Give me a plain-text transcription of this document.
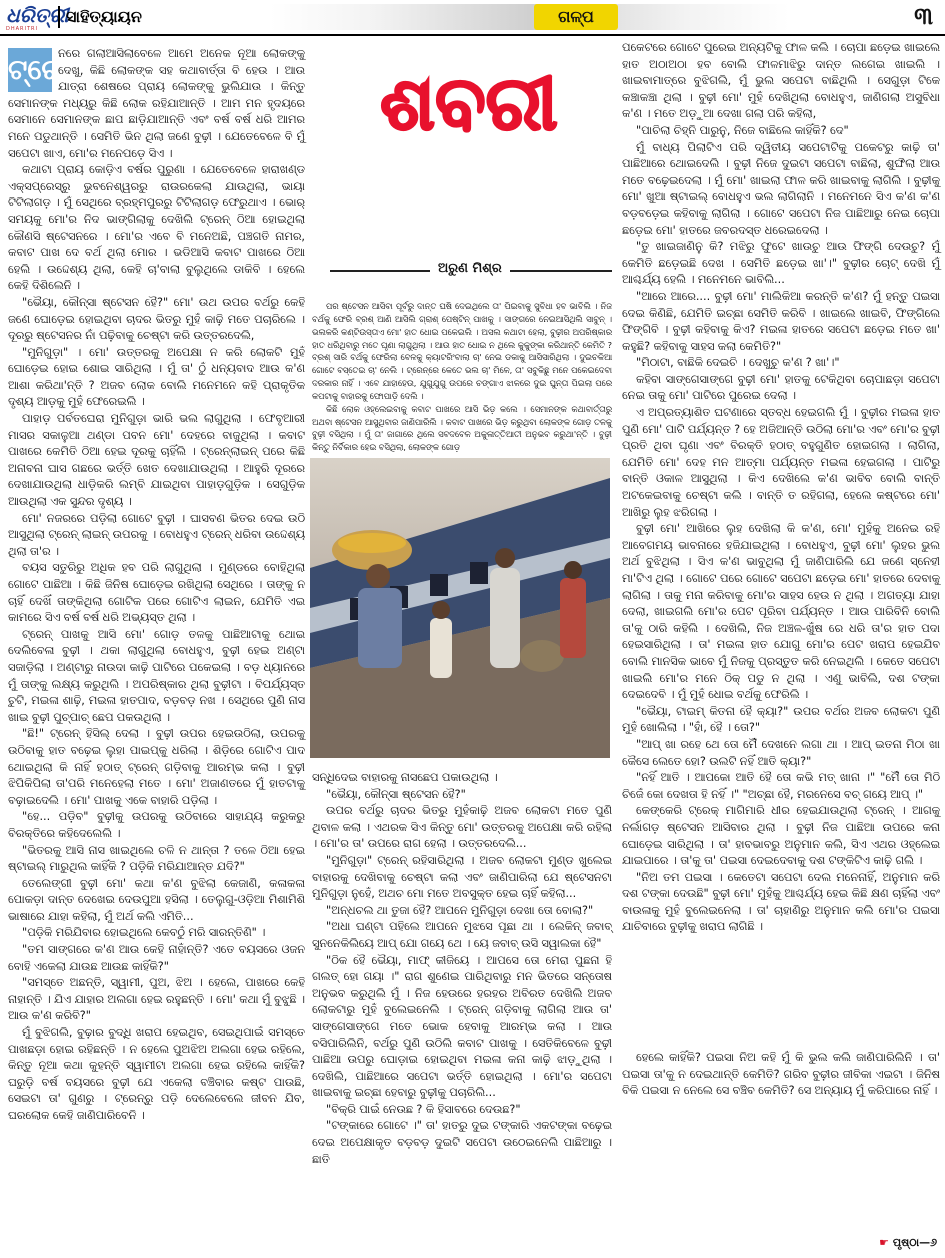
ଧରିତ୍ରୀ
DHARITRI
ସାହିତ୍ୟାୟନ	ଗଳ୍ପ	୩
ଶବରୀ
ଅରୁଣ ମିଶ୍ର
ଟ୍ରେ

ନରେ ଗଲାଆସିଲାବେଳେ ଆମେ ଅନେକ ନୂଆ ଲୋକଙ୍କୁ ଦେଖୁ, କିଛି ଲୋକଙ୍କ ସହ କଥାବାର୍ତ୍ତା ବି ହେଉ । ଆଉ ଯାତ୍ରା ଶେଷରେ ପ୍ରାୟ ଲୋକଙ୍କୁ ଭୁଲିଯାଉ । କିନ୍ତୁ ସେମାନଙ୍କ ମଧ୍ୟରୁ କିଛି ଲୋକ ରହିଯାଆନ୍ତି । ଆମ ମନ ହୃଦୟରେ ସେମାନେ ସେମାନଙ୍କ ଛାପ ଛାଡ଼ିଯାଆନ୍ତି ଏବଂ ବର୍ଷ ବର୍ଷ ଧରି ଆମର ମନେ ପଡୁଥାନ୍ତି । ସେମିତି ଭିନ ଥିଲା ଜଣେ ବୁଢ଼ୀ । ଯେତେବେଳେ ବି ମୁଁ ସପେଟା ଖାଏ, ମୋ'ର ମନେପଡ଼େ ସିଏ ।

କଥାଟା ପ୍ରାୟ କୋଡ଼ିଏ ବର୍ଷର ପୁରୁଣା । ଯେତେବେଳେ ହାରାଖଣ୍ଡ ଏକ୍ସପ୍ରେସ୍‌ରୁ ଭୁବନେଶ୍ୱରରୁ ରାଉରକେଲା ଯାଉଥିଲା, ଭାୟା ଟିଟିଲାଗଡ଼ । ମୁଁ ସେଥିରେ ବ୍ରହ୍ମପୁରରୁ ଟିଟିଲାଗଡ଼ ଫେରୁଥାଏ । ଭୋର୍ ସମୟକୁ ମୋ'ର ନିଦ ଭାଙ୍ଗିଲାକୁ ଦେଖିଲି ଟ୍ରେନ୍ ଠିଆ ହୋଇଥିଲା କୌଣସି ଷ୍ଟେସନରେ । ମୋ'ର ଏବେ ବି ମନେଅଛି, ପଞ୍ଚଗତି ନାମର, କବାଟ ପାଖ ଦେ ବର୍ଥ ଥିଲା ମୋର । ଭଡିଆସି କବାଟ ପାଖରେ ଠିଆ ହେଲି । ଉଦ୍ଦେଶ୍ୟ ଥିଲା, କେହି ଚା'ବାଲା ବୁଲୁଥିଲେ ଡାକିବି । ହେଲେ କେହି ଦିଶିଲେନି ।

"ଭୈୟା, କୌନ୍‌ସା ଷ୍ଟେସନ ହୈ?" ମୋ' ଉଥ ଉପର ବର୍ଥରୁ କେହି ଜଣେ ଘୋଡ଼େଇ ହୋଇଥିବା ଚାଦର ଭିତରୁ ମୁହଁ କାଢ଼ି ମତେ ପଚାରିଲେ । ଦୂରରୁ ଷ୍ଟେସନର ନାଁ ପଢ଼ିବାକୁ ଚେଷ୍ଟା କରି ଉତ୍ତରଦେଲି,

"ମୁନିଗୁଡ଼ା" । ମୋ' ଉତ୍ତରକୁ ଅପେକ୍ଷା ନ କରି ଲୋକଟି ମୁହଁ ଘୋଡ଼େଇ ହୋଇ ଶୋଇ ସାରିଥିଲା । ମୁଁ ତା' ଠୁଁ ଧନ୍ୟବାଦ ଆଉ କ'ଣ ଆଶା କରିଥା'ନ୍ତି ? ଅଜବ ଲୋକ ବୋଲି ମନେମନେ କହି ପ୍ରାକୃତିକ ଦୃଶ୍ୟ ଆଡ଼କୁ ମୁହଁ ଫେରେଇଲି ।

ପାହାଡ଼ ପର୍ବତଘେରା ମୁନିଗୁଡ଼ା ଭାରି ଭଲ ଲାଗୁଥିଲା । ଫେବୃଆରୀ ମାସର ସକାଳୁଆ ଥଣ୍ଡା ପବନ ମୋ' ଦେହରେ ବାଜୁଥିଲା । କବାଟ ପାଖରେ କେମିତି ଠିଆ ହେଇ ଦୂରକୁ ଚାହିଁଲି । ଟ୍ରେନ୍‌ଲାଇନ୍ ପରେ କିଛି ଅନାବନା ଘାସ ଗଛରେ ଭର୍ତ୍ତି ଖେତ ଦେଖାଯାଉଥିଲା । ଆହୁରି ଦୂରରେ ଦେଖାଯାଉଥିଲା ଧାଡ଼ିକରି ଲମ୍ବି ଯାଇଥିବା ପାହାଡ଼ଗୁଡ଼ିକ । ସେଗୁଡ଼ିକ ଆଉଥିଲା ଏକ ସୁନ୍ଦର ଦୃଶ୍ୟ ।

ମୋ' ନଜରରେ ପଡ଼ିଲା ଗୋଟେ ବୁଢ଼ୀ । ଘାସବଣ ଭିତର ଦେଇ ଉଠି ଆସୁଥିଲା ଟ୍ରେନ୍ ଲାଇନ୍ ଉପରକୁ । ବୋଧହୁଏ ଟ୍ରେନ୍ ଧରିବା ଉଦ୍ଦେଶ୍ୟ ଥିଲା ତା'ର ।

ବୟସ ସତୁରିରୁ ଅଧିକ ହବ ପରି ଲାଗୁଥିଲା । ମୁଣ୍ଡରେ ବୋହିଥିଲା ଗୋଟେ ପାଛିଆ । କିଛି ଜିନିଷ ଘୋଡ଼େଇ ରଖିଥିଲା ସେଥିରେ । ତାଙ୍କୁ ନ ଚାହିଁ ଦେଖିଁ ତାଙ୍କିଥିଲା ଗୋଟିକ ପରେ ଗୋଟିଏ ଲାଇନ, ଯେମିତି ଏଇ କାମରେ ସିଏ ବର୍ଷ ବର୍ଷ ଧରି ଅଭ୍ୟସ୍ତ ଥିଲା ।

ଟ୍ରେନ୍ ପାଖକୁ ଆସି ମୋ' ଗୋଡ଼ ତଳକୁ ପାଛିଆଟାକୁ ଥୋଇ ଦେଲିବେଳା ବୁଢ଼ୀ । ଥକା ଲାଗୁଥିଲା ବୋଧହୁଏ, ବୁଢ଼ୀ ହେଇ ଅଣ୍ଟା ସଜାଡ଼ିଲା । ଅଣ୍ଟାରୁ ନାଉଦା କାଢ଼ି ପାଟିରେ ପକେଇଲା । ବଡ଼ ଧ୍ୟାନରେ ମୁଁ ତାଙ୍କୁ ଲକ୍ଷ୍ୟ କରୁଥିଲି । ଅପରିଷ୍କାର ଥିଲା ବୁଢ଼ୀଟା । ବିପର୍ଯ୍ୟସ୍ତ ଚୁଟି, ମଇଳା ଶାଢ଼ି, ମଇଳା ହାତପାଦ, ବଡ଼ବଡ଼ ନଖ । ସେଥିରେ ପୁଣି ନାସ ଖାଇ ବୁଢ଼ୀ ପୁଚ୍‌ପାଚ୍ ଛେପ ପକଉଥିଲା ।

"ଛି!" ଟ୍ରେନ୍ ହିସିଲ୍ ଦେଲା । ବୁଢ଼ୀ ଉପର ହେଇଉଠିଲା, ଉପରକୁ ଉଠିବାକୁ ହାତ ବଢ଼େଇ ଲୁହା ପାଇପ୍‌କୁ ଧରିଲା । ଶିଡ଼ିରେ ଗୋଟିଏ ପାଦ ଥୋଇଥିଲା କି ନାହିଁ ହଠାତ୍ ଟ୍ରେନ୍ ଗଡ଼ିବାକୁ ଆରମ୍ଭ କଲା । ବୁଢ଼ୀ ଝିପିକିପିଲା ତା'ପରି ମନେହେଲା ମତେ । ମୋ' ଅଜାଣତରେ ମୁଁ ହାତଟାକୁ ବଢ଼ାଇଦେଲି । ମୋ' ପାଖକୁ ଏକେ ବାହାରି ପଡ଼ିଲା ।

"ହେ... ପଡ଼ିବ" ବୁଢ଼ୀକୁ ଉପରକୁ ଉଠିବାରେ ସାହାଯ୍ୟ କରୁକରୁ ବିରକ୍ତିରେ କହିଦେଲେଲି ।

"ଭିତରକୁ ଆସି ନାସ ଖାଇଥିଲେ ଚଳି ନ ଥାନ୍ତା ? ତଳେ ଠିଆ ହେଇ ଷ୍ଟାଇଲ୍ ମାରୁଥିଲ କାହିଁକି ? ପଡ଼ିକି ମରିଯାଆନ୍ତ ଯଦି?"

ତେଲେଙ୍ଗୀ ବୁଢ଼ୀ ମୋ' କଥା କ'ଣ ବୁଝିଲା କେଜାଣି, କଳାକଳା ପୋକଡ଼ା ଦାନ୍ତ ଦେଖେଇ ଦେଉପୁଆ ହସିଲା । ତେଲୁଗୁ-ଓଡ଼ିଆ ମିଶାମିଶି ଭାଷାରେ ଯାହା କହିଲା, ମୁଁ ଅର୍ଥ କଲି ଏମିତି...

"ପଡ଼ିକି ମରିଯିବାର ହୋଇଥିଲେ କେବଠୁଁ ମରି ସାରନ୍ତିଣି" ।

"ତମ ସାଙ୍ଗରେ କ'ଣ ଆଉ କେହି ନାହାଁନ୍ତି? ଏତେ ବୟସରେ ଓଜନ ବୋହି ଏକେଲା ଯାଉଛ ଆଉଛ କାହିଁକି?"

"ସମସ୍ତେ ଅଛନ୍ତି, ସ୍ୱାମୀ, ପୁଅ, ଝିଅ । ହେଲେ, ପାଖରେ କେହି ନାହାନ୍ତି । ଯିଏ ଯାହାର ଅଲଗା ହେଇ ରହୁଛନ୍ତି । ମୋ' କଥା ମୁଁ ବୁଝୁଛି । ଆଉ କ'ଣ କରିବି?"

ମୁଁ ବୁଝିଗଲି, ବୁଢ଼ାର ବୁଦ୍ଧି ଖରାପ ହେଇଥିବ, ସେଇଥିପାଇଁ ସମସ୍ତେ ପାଖଛଡ଼ା ହୋଇ ରହିଛନ୍ତି । ନ ହେଲେ ପୁଅଝିଅ ଅଲଗା ହେଇ ରହିଲେ, କିନ୍ତୁ ନୂଆ କଥା କୁହନ୍ତି ସ୍ୱାମୀଟା ଅଲଗା ହେଇ ରହିଲେ କାହିଁକି? ଘରୁଡ଼ି ବର୍ଷ ବୟସରେ ବୁଢ଼ୀ ଯେ ଏକେଲା ବଞ୍ଚିବାର କଷ୍ଟ ପାଉଛି, ସେଇଟା ତା' ଗୁଣରୁ । ଟ୍ରେନ୍‌ରୁ ପଡ଼ି ଦେଲେବେଲେ ଜୀବନ ଯିବ, ଘରଲୋକ କେହି ଜାଣିପାରିବେନି ।

ପର ଷ୍ଟେସନ ଆସିବା ପୂର୍ବରୁ ଦାନ୍ତ ଘଷି ଦେଇଥିଲେ ତା' ପିଇବାକୁ ସୁବିଧା ହବ ଭାବିଲି । ନିଜ ବର୍ଥକୁ ଫେରି ବ୍ରଶ୍ ଆଣି ଆସିଲି ଗ୍ରାଶ୍ ପେଷ୍ଟିନ୍ ପାଖକୁ । ସାଙ୍ଗରେ ନେଇଆସିଥିଲି ସାବୁନ୍ । ଭଲକରି କଣ୍ଟିଉସ୍ତାଏ ମୋ' ହାତ ଧୋଇ ପକେଇଲି । ଅସଲ କଥାଟା ହେଲା, ବୁଢ଼ୀର ଅପରିଷ୍କାର ହାତ ଧରିଥିବାରୁ ମତେ ଘୃଣା ଲାଗୁଥିଲା । ଆଉ ହାତ ଧୋଇ ନ ଥିଲେ କୁକୁଙ୍କା କରିଥାନ୍ତି କେମିତି ? ବ୍ରଶ୍ ସାରି ବର୍ଥକୁ ଫେରିଲା ବେଳକୁ କ୍ୟାଟରିଂବାଲା ଚା' ନେଇ ଡକାକୁ ଆସିସାରିଥିଲା । ଦୁଇଚକିଆ ଗୋଟେ ବସ୍ତେଇ ଚା' ନେଲି । ଟ୍ରେନ୍‌ରେ କେତେ ଭଲ ଚା' ମିଳେ, ତା' ସବୁକିଛୁ ମନେ ପକେଇଦେବା ଦରକାର ନାହିଁ । ଏବେ ଯାହାହେଉ, ଯୁଗୁଯୁଗୁ ଉପରେ ଚଙ୍ଗାଏ ଝାଳରେ ଦୁଇ ଘୁନ୍ତା ପିଇଲା ପରେ କପଟାକୁ ବାହାରକୁ ଫୋପାଡ଼ି ଦେଲି ।

କିଛି ଲୋକ ଓହ୍ଲେଇବାକୁ କବାଟ ପାଖରେ ଆସି ଭିଡ଼ କଲେ । ସେମାନଙ୍କ କଥାବାର୍ତ୍ତାରୁ ଅଥବା ଷ୍ଟେସନ ଆସୁଥିବାର ଜାଣିପାରିଲି । କବାଟ ପାଖରେ ଭିଡ଼ କରୁଥିବା ଲୋକଙ୍କ ଗୋଡ଼ ତଳକୁ ବୁଢ଼ୀ ବସିଥିଲା । ମୁଁ ତା' ଜାଗାରେ ଥିଲେ ସବଦବେଳ ଅକୁଳାତ୍ତିଆତୀ ଅନୁଭବ କରୁଥା'ନ୍ତି । ବୁଢ଼ୀ କିନ୍ତୁ ନିର୍ବିକାର ହେଇ ବସିଥିଲା, ଲୋକଙ୍କ ଗୋଡ଼

ସନ୍ଧିଦେଇ ବାହାରକୁ ନାସଛେପ ପକାଉଥିଲା ।

"ଭୈୟା, କୌନ୍‌ସା ଷ୍ଟେସନ ହୈ?"

ଉପର ବର୍ଥରୁ ଚାଦର ଭିତରୁ ମୁହଁକାଢ଼ି ଅଜବ ଲୋକଟା ମତେ ପୁଣି ଥିବାଳ କଲା । ଏଥରକ ସିଏ କିନ୍ତୁ ମୋ' ଉତ୍ତରକୁ ଅପେକ୍ଷା କରି ରହିଲା । ମୋ'ର ତା' ଉପରେ ରାଗ ହେଲା । ଉତ୍ତରଦେଲି...

"ମୁନିଗୁଡ଼ା" ଟ୍ରେନ୍ ରହିସାରିଥିଲା । ଅଜବ ଲୋକଟା ମୁଣ୍ଡ ଖୁଲେଇ ବାହାରକୁ ଦେଖିବାକୁ ଚେଷ୍ଟା କଲା ଏବଂ ଜାଣିପାରିଲା ଯେ ଷ୍ଟେସନଟା ମୁନିଗୁଡ଼ା ନୁହେଁ, ଅଥଚ ମୋ ମତେ ଅବସୁକ୍ତ ହେଇ ଚାହିଁ କହିଲା...

"ଅନ୍ଧଚଲ ଥା ତୁଜା ହୈ? ଆପନେ ମୁନିଗୁଡ଼ା ଦେଖା ତୋ ବୋଲା?"

"ଅଧା ଘଣ୍ଟା ପହିଲେ ଆପନେ ମୁଝସେ ପୂଛା ଥା । ଲେକିନ୍ ଜବାବ୍ ସୁନନେକିଲିୟେ ଆପ୍ ଯୋ ଗୟେ ଥେ । ୟେ ଜବାବ୍ ଉସି ସୱାଲକା ହୈ"

"ଠିକ ହୈ ଭୈୟା, ମାଫ୍ କୀଜିୟେ । ଆପସେ ତୋ ମେରା ପୁଛନା ହି ଗଲତ୍ ହୋ ଗୟା ।" ରାଗ ଶୁଣେଇ ପାରିଥିବାରୁ ମନ ଭିତରେ ସନ୍ତୋଷ ଅନୁଭବ କରୁଥିଲି ମୁଁ । ନିଜ ହେଉରେ ହରହର ଅବିରତ ଦେଖିଲି ଅଜବ ଲୋକଟାରୁ ମୁହଁ ବୁଲେଇନେଲି । ଟ୍ରେନ୍ ଗଡ଼ିବାକୁ ଲାଗିଲା ଆଉ ତା' ସାଙ୍ଗେସାଙ୍ଗେ ମତେ ଭୋକ ହେବାକୁ ଆରମ୍ଭ କଲା । ଆଉ ବସିପାରିଲିନି, ବର୍ଥରୁ ପୁଣି ଉଠିଲି କବାଟ ପାଖକୁ । ସେତିକିବେଳେ ବୁଢ଼ୀ ପାଛିଆ ଉପରୁ ଘୋଡ଼ାଇ ହୋଇଥିବା ମଇଳା କନା କାଢ଼ି ଝାଡ଼ୁଥିଲା । ଦେଖିଲି, ପାଛିଆରେ ସପେଟା ଭର୍ତ୍ତି ହୋଇଥିଲା । ମୋ'ର ସପେଟା ଖାଇବାକୁ ଇଚ୍ଛା ହେବାରୁ ବୁଢ଼ୀକୁ ପଚାରିଲି...

"ବିକ୍ରି ପାଇଁ ନେଉଛ ? କି ହିସାବରେ ଦେଉଛ?"

"ଟଙ୍କାରେ ଗୋଟେ ।" ତା' ହାତରୁ ଦୁଇ ଟଙ୍କାରି ଏକଟଙ୍କା ବଢ଼େଇ ଦେଇ ଅପେକ୍ଷାକୃତ ବଡ଼ବଡ଼ ଦୁଇଟି ସପେଟା ଉଠେଇନେଲି ପାଛିଆରୁ । ଛାତି

ପକେଟରେ ଗୋଟେ ପୁରେଇ ଅନ୍ୟଟିକୁ ଫାଳ କଲି । ଚୋପା ଛଡ଼େଇ ଖାଇଲେ ହାତ ଅଠାଅଠା ହବ ବୋଲି ଫାଳମାଝିରୁ ଦାନ୍ତ ଲଗେଇ ଖାଇଲି । ଖାଇବାମାତ୍ରେ ବୁଝିଗଲି, ମୁଁ ଭୁଲ ସପେଟା ବାଛିଥିଲି । ସେଗୁଡ଼ା ଟିକେ କଞ୍ଚାକଞ୍ଚା ଥିଲା । ବୁଢ଼ୀ ମୋ' ମୁହଁ ଦେଖିଥିଲା ବୋଧହୁଏ, ଜାଣିଗଲା ଅସୁବିଧା କ'ଣ । ମତେ ଅଡ଼ୁଆ ଦେଖା ଗଲା ପରି କହିଲା,

"ପାଚିଲା ଚିହ୍ନି ପାରୁନୁ, ନିଜେ ବାଛିଲେ କାହିଁକି? ଦେ"

ମୁଁ ବାଧ୍ୟ ପିଲାଟିଏ ପରି ଦ୍ୱିତୀୟ ସପେଟାଟିକୁ ପକେଟରୁ କାଢ଼ି ତା' ପାଛିଆରେ ଥୋଇଦେଲି । ବୁଢ଼ୀ ନିଜେ ଦୁଇଟା ସପେଟା ବାଛିଲା, ଶୁଙ୍ଘିଲା ଆଉ ମତେ ବଢ଼େଇଦେଲା । ମୁଁ ମୋ' ଖାଇଲା ଫାଳ କରି ଖାଇବାକୁ ଲାଗିଲି । ବୁଢ଼ୀକୁ ମୋ' ଖୁଆ ଷ୍ଟାଇଲ୍ ବୋଧହୁଏ ଭଲ ଲାଗିଲାନି । ମନେମନେ ସିଏ କ'ଣ କ'ଣ ବଡ଼ବଡ଼େଇ କହିବାକୁ ଲାଗିଲା । ଗୋଟେ ସପେଟା ନିଜ ପାଛିଆରୁ ନେଇ ଚୋପା ଛଡ଼େଇ ମୋ' ହାତରେ ଜବରଦସ୍ତ ଧରେଇଦେଲା ।

"ତୁ ଖାଇଜାଣିନୁ କି? ମଝିରୁ ଫୁଟେ ଖାଉଚୁ ଆଉ ଫିଙ୍ଗି ଦେଉଚୁ? ମୁଁ କେମିତି ଛଡ଼େଇଛି ଦେଖ । ସେମିତି ଛଡ଼େଇ ଖା'।" ବୁଢ଼ୀର ଚୋଟ୍ ଦେଖି ମୁଁ ଆଶ୍ଚର୍ଯ୍ୟ ହେଲି । ମନେମନେ ଭାବିଲି...

"ଆରେ ଆରେ.... ବୁଢ଼ୀ ମୋ' ମାଲିକିଆ କରନ୍ତି କ'ଣ? ମୁଁ ହନ୍ତୁ ପଇସା ଦେଇ କିଣିଛି, ଯେମିତି ଇଚ୍ଛା ସେମିତି କରିବି । ଖାଇଲେ ଖାଇବି, ଫିଙ୍ଗିଲେ ଫିଙ୍ଗିବି । ବୁଢ଼ୀ କହିବାକୁ କିଏ? ମଇଳା ହାତରେ ସପେଟା ଛଡ଼େଇ ମତେ ଖା' କହୁଛି? କହିବାକୁ ସାହସ କଲା କେମିତି?"

"ମିଠାଟା, ବାଛିକି ଦେଇଚି । ଦେଖୁଚୁ କ'ଣ ? ଖା'।"

କହିବା ସାଙ୍ଗେସାଙ୍ଗେ ବୁଢ଼ୀ ମୋ' ହାତକୁ ଟେକିଥିବା ଚୋପାଛଡ଼ା ସପେଟା ନେଇ ତାକୁ ମୋ' ପାଟିରେ ପୁରେଇ ଦେଲା ।

ଏ ଅପ୍ରତ୍ୟାଶିତ ଘଟଣାରେ ସ୍ତବ୍ଧ ହେଇଗଲି ମୁଁ । ବୁଢ଼ୀର ମଇଳା ହାତ ପୁଣି ମୋ' ପାଟି ପର୍ଯ୍ୟନ୍ତ ? ହେ ଅଜିଆନ୍ତି ଉଠିଲା ମୋ'ର ଏବଂ ମୋ'ର ବୁଢ଼ୀ ପ୍ରତି ଥିବା ଘୃଣା ଏବଂ ବିରକ୍ତି ହଠାତ୍ ବହୁଗୁଣିତ ହୋଇଗଲା । ଲାଗିଲା, ଯେମିତି ମୋ' ଦେହ ମନ ଆତ୍ମା ପର୍ଯ୍ୟନ୍ତ ମଇଳା ହେଇଗଲା । ପାଟିରୁ ବାନ୍ତି ଓକାଳ ଆସୁଥିଲା । କିଏ ଦେଖିଲେ କ'ଣ ଭାବିବ ବୋଲି ବାନ୍ତି ଅଟକେଇବାକୁ ଚେଷ୍ଟା କଲି । ବାନ୍ତି ତ ରହିଗଲା, ହେଲେ କଷ୍ଟରେ ମୋ' ଆଖିରୁ ଲୁହ ଝରିଗଲା ।

ବୁଢ଼ୀ ମୋ' ଆଖିରେ ଲୁହ ଦେଖିଲା କି କ'ଣ, ମୋ' ମୁହଁକୁ ଅନେଇ ରହି ଆବେଗମୟ ଭାବନାରେ ହଜିଯାଇଥିଲା । ବୋଧହୁଏ, ବୁଢ଼ୀ ମୋ' ଲୁହର ଭୁଲ ଅର୍ଥ ବୁଝିଥିଲା । ସିଏ କ'ଣ ଭାବୁଥିଲା ମୁଁ ଜାଣିପାରିଲି ଯେ ଜଣେ ସ୍ନେହୀ ମା'ଟିଏ ଥିଲା । ଗୋଟେ ପରେ ଗୋଟେ ସପେଟା ଛଡ଼େଇ ମୋ' ହାତରେ ଦେବାକୁ ଲାଗିଲା । ତାକୁ ମନା କରିବାକୁ ମୋ'ର ସାହସ ହେଉ ନ ଥିଲା । ଅଗତ୍ୟା ଯାହା ଦେଲା, ଖାଇଗଲି ମୋ'ର ପେଟ ପୂରିବା ପର୍ଯ୍ୟନ୍ତ । ଆଉ ପାରିବିନି ବୋଲି ତା'କୁ ଠାରି କହିଲି । ଦେଖିଲି, ନିଜ ଅଞ୍ଚଳ-ଖୁଁଷ ରେ ଧରି ତା'ର ହାତ ପଦା ହେଇସାରିଥିଲା । ତା' ମଇଳା ହାତ ଯୋଗୁ ମୋ'ର ପେଟ ଖରାପ ହେଇଯିବ ବୋଲି ମାନସିକ ଭାବେ ମୁଁ ନିଜକୁ ପ୍ରସ୍ତୁତ କରି ନେଇଥିଲି । କେତେ ସପେଟା ଖାଇଲି ମୋ'ର ମନେ ଠିକ୍ ପଡୁ ନ ଥିଲା । ଏଣୁ ଭାବିଲି, ଦଶ ଟଙ୍କା ଦେଇଦେବି । ମୁଁ ମୁହଁ ଧୋଇ ବର୍ଥକୁ ଫେରିଲି ।

"ଭୈୟା, ଟାଇମ୍ କିତନା ହୈ କ୍ୟା?" ଉପର ବର୍ଥର ଅଜବ ଲୋକଟା ପୁଣି ମୁହଁ ଖୋଲିଲା । "ହାଁ, ହୈ । ତୋ?"

"ଆପ୍ ଖା ରହେ ଥେ ତୋ ମୈଁ ଦେଖନେ ଲଗା ଥା । ଆପ୍ ଇତନା ମିଠା ଖା କୈସେ ଲେତେ ହୋ? ଉଲଟି ନହିଁ ଆତି କ୍ୟା?"

"ନହିଁ ଆତି । ଆପକୋ ଆତି ହୈ ତୋ କଭି ମତ୍ ଖାନା ।" "ମୈଁ ତୋ ମିଠି ଚିଜେଁ କୋ ଦେଖତା ହି ନହିଁ ।" "ଅଚ୍ଛା ହୈ, ମରନେସେ ବଚ୍ ଗୟେ ଆପ୍ ।"

କେଙ୍କେରି ଟ୍ରେକ୍ ମାଗିମାରି ଧୀର ହେଇଯାଉଥିଲା ଟ୍ରେନ୍ । ଆଗକୁ ନର୍ଲାଗଡ଼ ଷ୍ଟେସନ ଆସିବାର ଥିଲା । ବୁଢ଼ୀ ନିଜ ପାଛିଆ ଉପରେ କନା ଘୋଡ଼େଇ ସାରିଥିଲା । ତା' ହାବଭାବରୁ ଅନୁମାନ କଲି, ସିଏ ଏଥର ଓହ୍ଲେଇ ଯାଇପାରେ । ତା'କୁ ତା' ପଇସା ଦେଇଦେବାକୁ ଦଶ ଟଙ୍କିଟିଏ କାଢ଼ି ଗଲି ।

"ନିଅ ତମ ପଇସା । କେତେଟା ସପେଟା ଦେଲ ମନେନାହିଁ, ଅନୁମାନ କରି ଦଶ ଟଙ୍କା ଦେଉଛି" ବୁଢ଼ୀ ମୋ' ମୁହଁକୁ ଆଶ୍ଚର୍ଯ୍ୟ ହେଇ କିଛି କ୍ଷଣ ଚାହିଁଲା ଏବଂ ବାଉଳାକୁ ମୁହଁ ବୁଲେଇନେଲା । ତା' ଚାହାଣିରୁ ଅନୁମାନ କଲି ମୋ'ର ପଇସା ଯାଚିବାରେ ବୁଢ଼ୀକୁ ଖରାପ ଲାଗିଛି ।

ହେଲେ କାହିଁକି? ପଇସା ନିଅ କହି ମୁଁ କି ଭୁଲ କଲି ଜାଣିପାରିଲିନି । ତା' ପଇସା ତା'କୁ ନ ଦେଇଥାନ୍ତି କେମିତି? ଗରିବ ବୁଢ଼ୀର ଜୀବିକା ଏଇଟା । ଜିନିଷ ବିକି ପଇସା ନ ନେଲେ ସେ ବଞ୍ଚିବ କେମିତି? ସେ ଅନ୍ୟାୟ ମୁଁ କରିପାରେ ନାହିଁ ।

☛ ପୃଷ୍ଠା—୬
